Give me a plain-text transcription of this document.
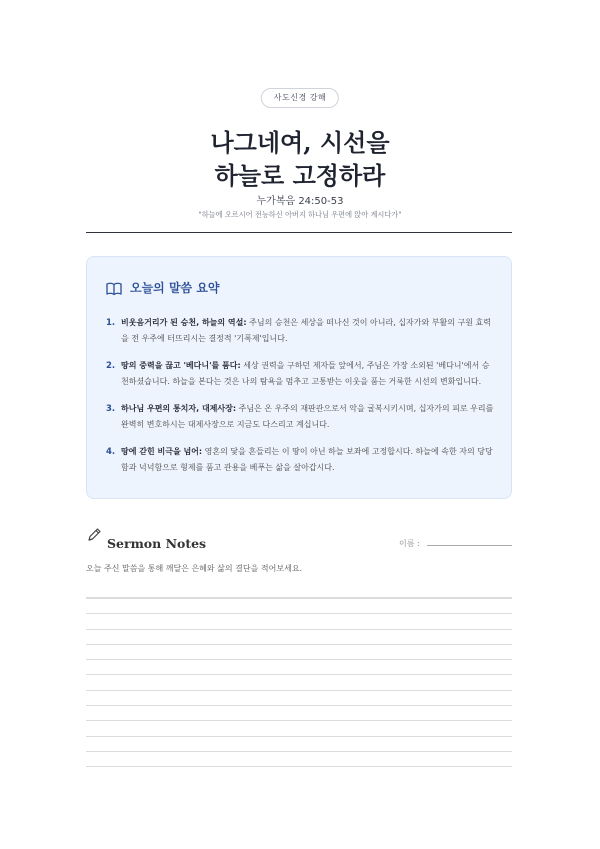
사도신경 강해
나그네여, 시선을
하늘로 고정하라
누가복음 24:50-53
"하늘에 오르시어 전능하신 아버지 하나님 우편에 앉아 계시다가"
오늘의 말씀 요약
1. 비웃음거리가 된 승천, 하늘의 역설: 주님의 승천은 세상을 떠나신 것이 아니라, 십자가와 부활의 구원 효력을 전 우주에 터뜨리시는 결정적 '기폭제'입니다.
2. 땅의 중력을 끊고 '베다니'를 품다: 세상 권력을 구하던 제자들 앞에서, 주님은 가장 소외된 '베다니'에서 승천하셨습니다. 하늘을 본다는 것은 나의 탐욕을 멈추고 고통받는 이웃을 품는 거룩한 시선의 변화입니다.
3. 하나님 우편의 통치자, 대제사장: 주님은 온 우주의 재판관으로서 악을 굴복시키시며, 십자가의 피로 우리를 완벽히 변호하시는 대제사장으로 지금도 다스리고 계십니다.
4. 땅에 갇힌 비극을 넘어: 영혼의 닻을 흔들리는 이 땅이 아닌 하늘 보좌에 고정합시다. 하늘에 속한 자의 당당함과 넉넉함으로 형제를 품고 관용을 베푸는 삶을 살아갑시다.
Sermon Notes	이름 :
오늘 주신 말씀을 통해 깨달은 은혜와 삶의 결단을 적어보세요.
